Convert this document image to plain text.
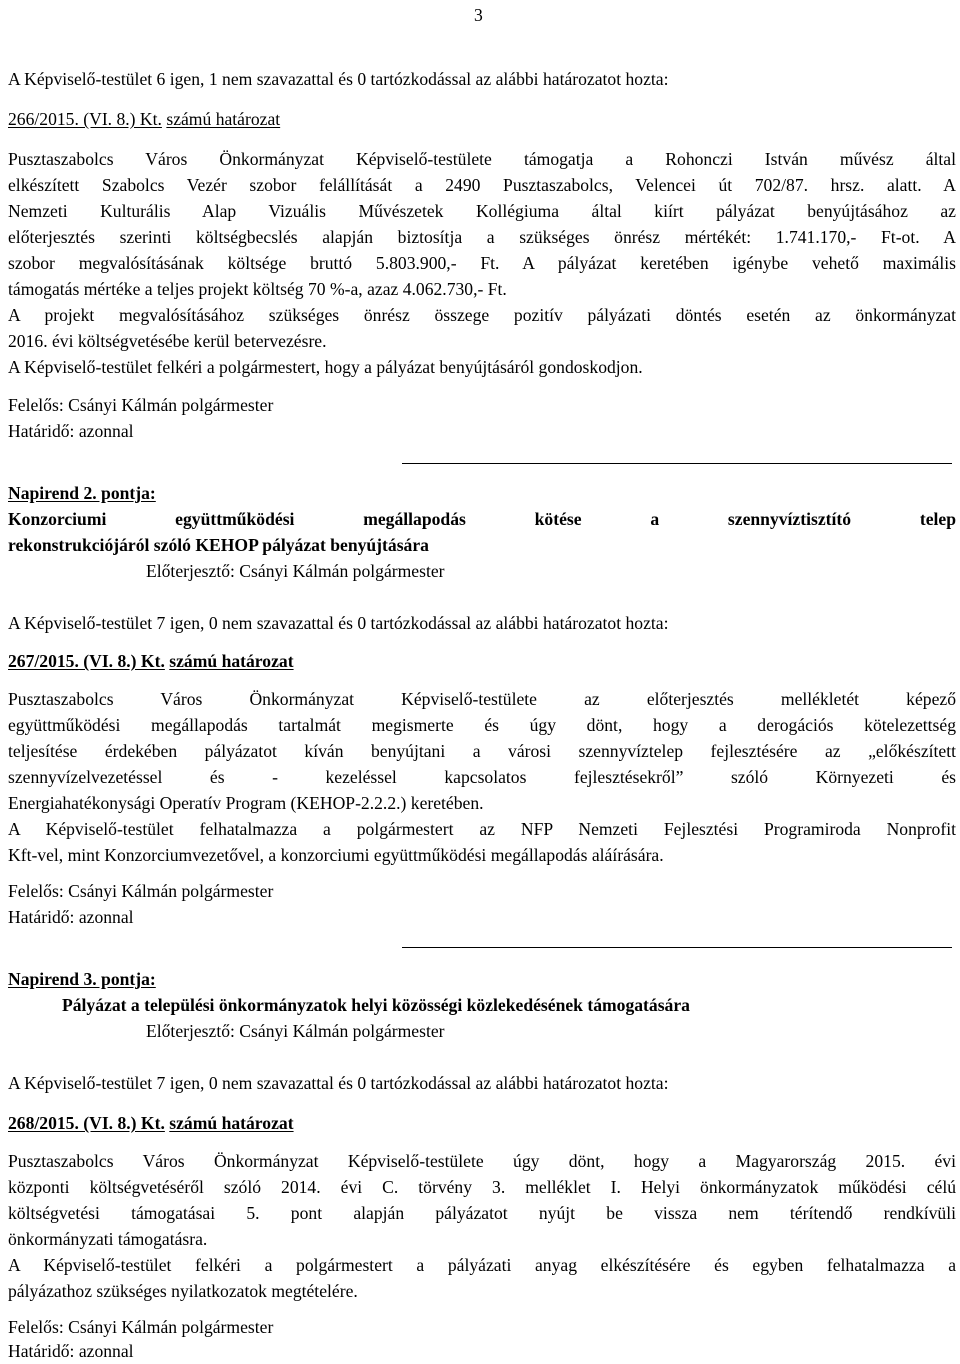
3
A Képviselő-testület 6 igen, 1 nem szavazattal és 0 tartózkodással az alábbi határozatot hozta:
266/2015. (VI. 8.) Kt. számú határozat
Pusztaszabolcs Város Önkormányzat Képviselő-testülete támogatja a Rohonczi István művész által
elkészített Szabolcs Vezér szobor felállítását a 2490 Pusztaszabolcs, Velencei út 702/87. hrsz. alatt. A
Nemzeti Kulturális Alap Vizuális Művészetek Kollégiuma által kiírt pályázat benyújtásához az
előterjesztés szerinti költségbecslés alapján biztosítja a szükséges önrész mértékét: 1.741.170,- Ft-ot. A
szobor megvalósításának költsége bruttó 5.803.900,- Ft. A pályázat keretében igénybe vehető maximális
támogatás mértéke a teljes projekt költség 70 %-a, azaz 4.062.730,- Ft.
A projekt megvalósításához szükséges önrész összege pozitív pályázati döntés esetén az önkormányzat
2016. évi költségvetésébe kerül betervezésre.
A Képviselő-testület felkéri a polgármestert, hogy a pályázat benyújtásáról gondoskodjon.
Felelős: Csányi Kálmán polgármester
Határidő: azonnal
Napirend 2. pontja:
Konzorciumi együttműködési megállapodás kötése a szennyvíztisztító telep
rekonstrukciójáról szóló KEHOP pályázat benyújtására
Előterjesztő: Csányi Kálmán polgármester
A Képviselő-testület 7 igen, 0 nem szavazattal és 0 tartózkodással az alábbi határozatot hozta:
267/2015. (VI. 8.) Kt. számú határozat
Pusztaszabolcs Város Önkormányzat Képviselő-testülete az előterjesztés mellékletét képező
együttműködési megállapodás tartalmát megismerte és úgy dönt, hogy a derogációs kötelezettség
teljesítése érdekében pályázatot kíván benyújtani a városi szennyvíztelep fejlesztésére az „előkészített
szennyvízelvezetéssel és - kezeléssel kapcsolatos fejlesztésekről” szóló Környezeti és
Energiahatékonysági Operatív Program (KEHOP-2.2.2.) keretében.
A Képviselő-testület felhatalmazza a polgármestert az NFP Nemzeti Fejlesztési Programiroda Nonprofit
Kft-vel, mint Konzorciumvezetővel, a konzorciumi együttműködési megállapodás aláírására.
Felelős: Csányi Kálmán polgármester
Határidő: azonnal
Napirend 3. pontja:
Pályázat a települési önkormányzatok helyi közösségi közlekedésének támogatására
Előterjesztő: Csányi Kálmán polgármester
A Képviselő-testület 7 igen, 0 nem szavazattal és 0 tartózkodással az alábbi határozatot hozta:
268/2015. (VI. 8.) Kt. számú határozat
Pusztaszabolcs Város Önkormányzat Képviselő-testülete úgy dönt, hogy a Magyarország 2015. évi
központi költségvetéséről szóló 2014. évi C. törvény 3. melléklet I. Helyi önkormányzatok működési célú
költségvetési támogatásai 5. pont alapján pályázatot nyújt be vissza nem térítendő rendkívüli
önkormányzati támogatásra.
A Képviselő-testület felkéri a polgármestert a pályázati anyag elkészítésére és egyben felhatalmazza a
pályázathoz szükséges nyilatkozatok megtételére.
Felelős: Csányi Kálmán polgármester
Határidő: azonnal
